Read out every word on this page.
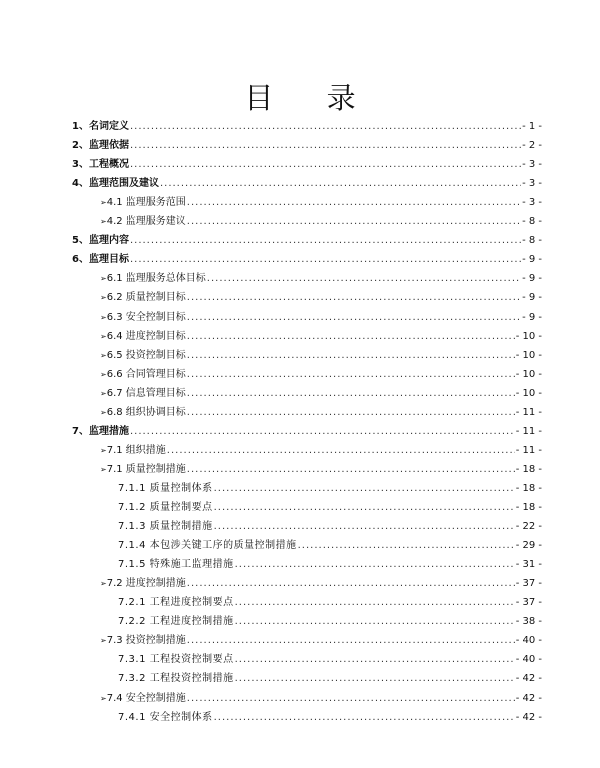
目 录
1、名词定义 .....	- 1 -
2、监理依据 .....	- 2 -
3、工程概况 .....	- 3 -
4、监理范围及建议 .....	- 3 -
➢ 4.1 监理服务范围 .....	- 3 -
➢ 4.2 监理服务建议 .....	- 8 -
5、监理内容 .....	- 8 -
6、监理目标 .....	- 9 -
➢ 6.1 监理服务总体目标 .....	- 9 -
➢ 6.2 质量控制目标 .....	- 9 -
➢ 6.3 安全控制目标 .....	- 9 -
➢ 6.4 进度控制目标 .....	- 10 -
➢ 6.5 投资控制目标 .....	- 10 -
➢ 6.6 合同管理目标 .....	- 10 -
➢ 6.7 信息管理目标 .....	- 10 -
➢ 6.8 组织协调目标 .....	- 11 -
7、监理措施 .....	- 11 -
➢ 7.1 组织措施 .....	- 11 -
➢ 7.1 质量控制措施 .....	- 18 -
7.1.1 质量控制体系 .....	- 18 -
7.1.2 质量控制要点 .....	- 18 -
7.1.3 质量控制措施 .....	- 22 -
7.1.4 本包涉关键工序的质量控制措施 .....	- 29 -
7.1.5 特殊施工监理措施 .....	- 31 -
➢ 7.2 进度控制措施 .....	- 37 -
7.2.1 工程进度控制要点 .....	- 37 -
7.2.2 工程进度控制措施 .....	- 38 -
➢ 7.3 投资控制措施 .....	- 40 -
7.3.1 工程投资控制要点 .....	- 40 -
7.3.2 工程投资控制措施 .....	- 42 -
➢ 7.4 安全控制措施 .....	- 42 -
7.4.1 安全控制体系 .....	- 42 -
